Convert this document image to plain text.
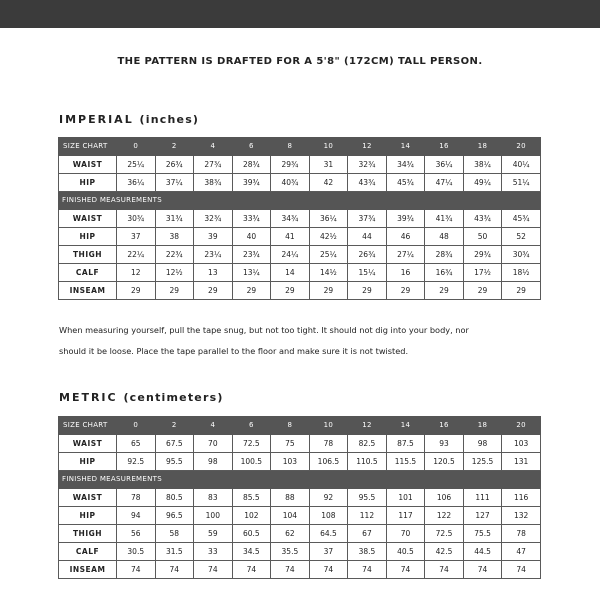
THE PATTERN IS DRAFTED FOR A 5'8" (172CM) TALL PERSON.
IMPERIAL (inches)
SIZE CHART	0	2	4	6	8	10	12	14	16	18	20
WAIST	25¼	26¾	27¾	28¾	29¾	31	32¾	34¾	36¼	38¼	40¼
HIP	36¼	37¼	38¾	39¾	40¾	42	43¾	45¾	47¼	49¼	51¼
FINISHED MEASUREMENTS											
WAIST	30¾	31¾	32¾	33¾	34¾	36¼	37¾	39¾	41¾	43¾	45¾
HIP	37	38	39	40	41	42½	44	46	48	50	52
THIGH	22¼	22¾	23¼	23¾	24¼	25¼	26¾	27¼	28¾	29¾	30¾
CALF	12	12½	13	13¼	14	14½	15¼	16	16¾	17½	18½
INSEAM	29	29	29	29	29	29	29	29	29	29	29
When measuring yourself, pull the tape snug, but not too tight. It should not dig into your body, nor
should it be loose. Place the tape parallel to the floor and make sure it is not twisted.
METRIC (centimeters)
SIZE CHART	0	2	4	6	8	10	12	14	16	18	20
WAIST	65	67.5	70	72.5	75	78	82.5	87.5	93	98	103
HIP	92.5	95.5	98	100.5	103	106.5	110.5	115.5	120.5	125.5	131
FINISHED MEASUREMENTS											
WAIST	78	80.5	83	85.5	88	92	95.5	101	106	111	116
HIP	94	96.5	100	102	104	108	112	117	122	127	132
THIGH	56	58	59	60.5	62	64.5	67	70	72.5	75.5	78
CALF	30.5	31.5	33	34.5	35.5	37	38.5	40.5	42.5	44.5	47
INSEAM	74	74	74	74	74	74	74	74	74	74	74
